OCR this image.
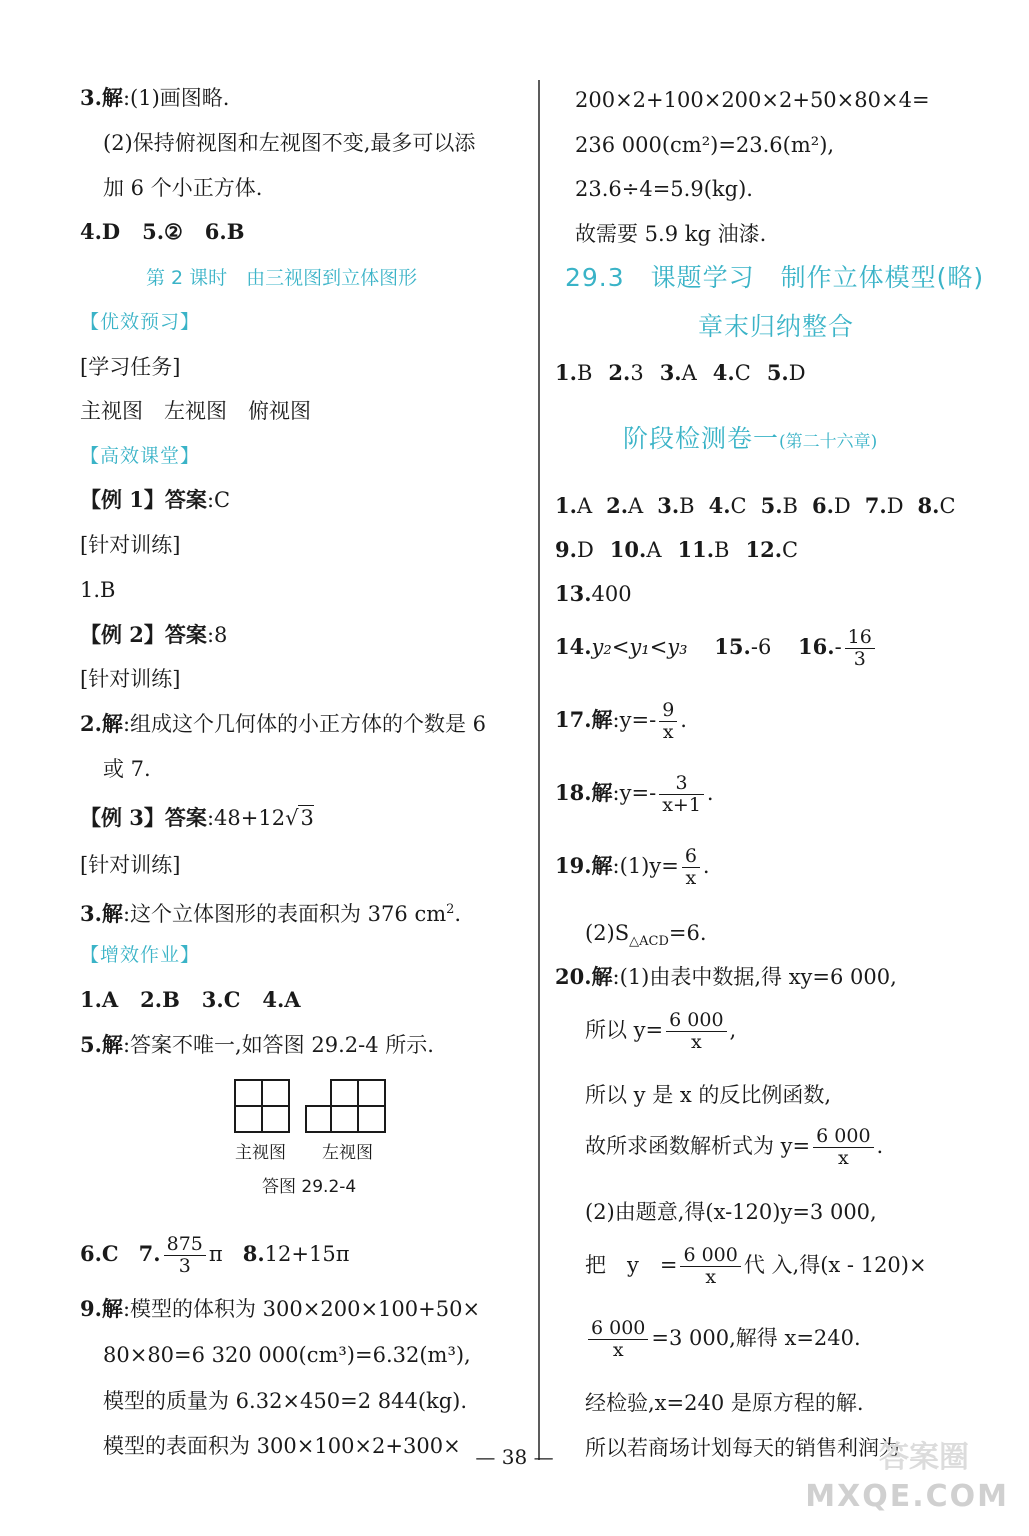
3.解:(1)画图略.
(2)保持俯视图和左视图不变,最多可以添
加 6 个小正方体.
4.D 5.② 6.B
第 2 课时　由三视图到立体图形
【优效预习】
[学习任务]
主视图　左视图　俯视图
【高效课堂】
【例 1】答案:C
[针对训练]
1.B
【例 2】答案:8
[针对训练]
2.解:组成这个几何体的小正方体的个数是 6
或 7.
【例 3】答案:48+12√3
[针对训练]
3.解:这个立体图形的表面积为 376 $cm^2$.
【增效作业】
1.A 2.B 3.C 4.A
5.解:答案不唯一,如答图 29.2-4 所示.
主视图 左视图
答图 29.2-4
6.C 7. $\frac{875}{3}$ π 8.12+15π
9.解:模型的体积为 300×200×100+50×
80×80=6 320 000(cm³)=6.32(m³),
模型的质量为 6.32×450=2 844(kg).
模型的表面积为 300×100×2+300×
200×2+100×200×2+50×80×4=
236 000(cm²)=23.6(m²),
23.6÷4=5.9(kg).
故需要 5.9 kg 油漆.
29.3　课题学习　制作立体模型(略)
章末归纳整合
1.B 2.3 3.A 4.C 5.D
阶段检测卷一(第二十六章)
1.A 2.A 3.B 4.C 5.B 6.D 7.D 8.C
9.D 10.A 11.B 12.C
13.400
14.y₂<y₁<y₃ 15.-6 $16.- \frac{16}{3}$
17.解:y=- $\frac{9}{x}$ .
18.解:y=- $\frac{3}{x+1}$ .
19.解:(1)y= $\frac{6}{x}$ .
$(2)S_{\triangle ACD}=6$.
20.解:(1)由表中数据,得 xy=6 000,
所以 $y= \frac{6 000}{x}$ ,
所以 y 是 x 的反比例函数,
故所求函数解析式为 $y= \frac{6 000}{x}$ .
(2)由题意,得(x-120)y=3 000,
把　y　= $\frac{6 000}{x}$ 代 入,得(x - 120)×
$\frac{6 000}{x} =3$ 000,解得 x=240.
经检验,x=240 是原方程的解.
所以若商场计划每天的销售利润为
— 38 —	答案圈
MXQE.COM
